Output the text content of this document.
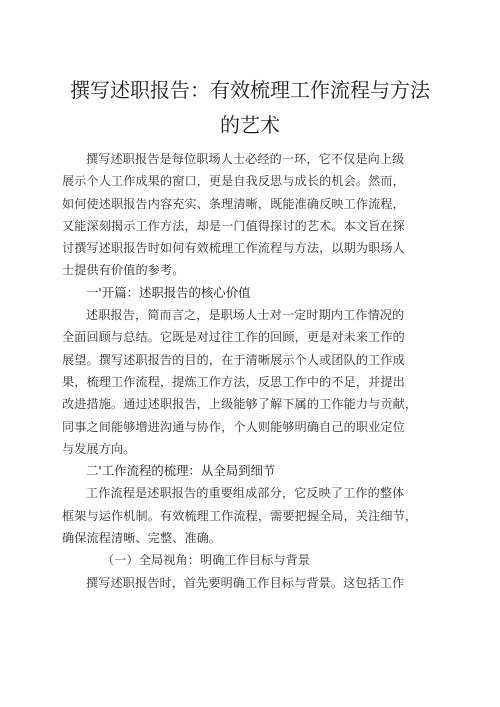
撰写述职报告：有效梳理工作流程与方法
的艺术
撰写述职报告是每位职场人士必经的一环，它不仅是向上级
展示个人工作成果的窗口，更是自我反思与成长的机会。然而，
如何使述职报告内容充实、条理清晰，既能准确反映工作流程，
又能深刻揭示工作方法，却是一门值得探讨的艺术。本文旨在探
讨撰写述职报告时如何有效梳理工作流程与方法，以期为职场人
士提供有价值的参考。
一'开篇：述职报告的核心价值
述职报告，简而言之，是职场人士对一定时期内工作情况的
全面回顾与总结。它既是对过往工作的回顾，更是对未来工作的
展望。撰写述职报告的目的，在于清晰展示个人或团队的工作成
果，梳理工作流程，提炼工作方法，反思工作中的不足，并提出
改进措施。通过述职报告，上级能够了解下属的工作能力与贡献，
同事之间能够增进沟通与协作，个人则能够明确自己的职业定位
与发展方向。
二'工作流程的梳理：从全局到细节
工作流程是述职报告的重要组成部分，它反映了工作的整体
框架与运作机制。有效梳理工作流程，需要把握全局，关注细节，
确保流程清晰、完整、准确。
（一）全局视角：明确工作目标与背景
撰写述职报告时，首先要明确工作目标与背景。这包括工作
